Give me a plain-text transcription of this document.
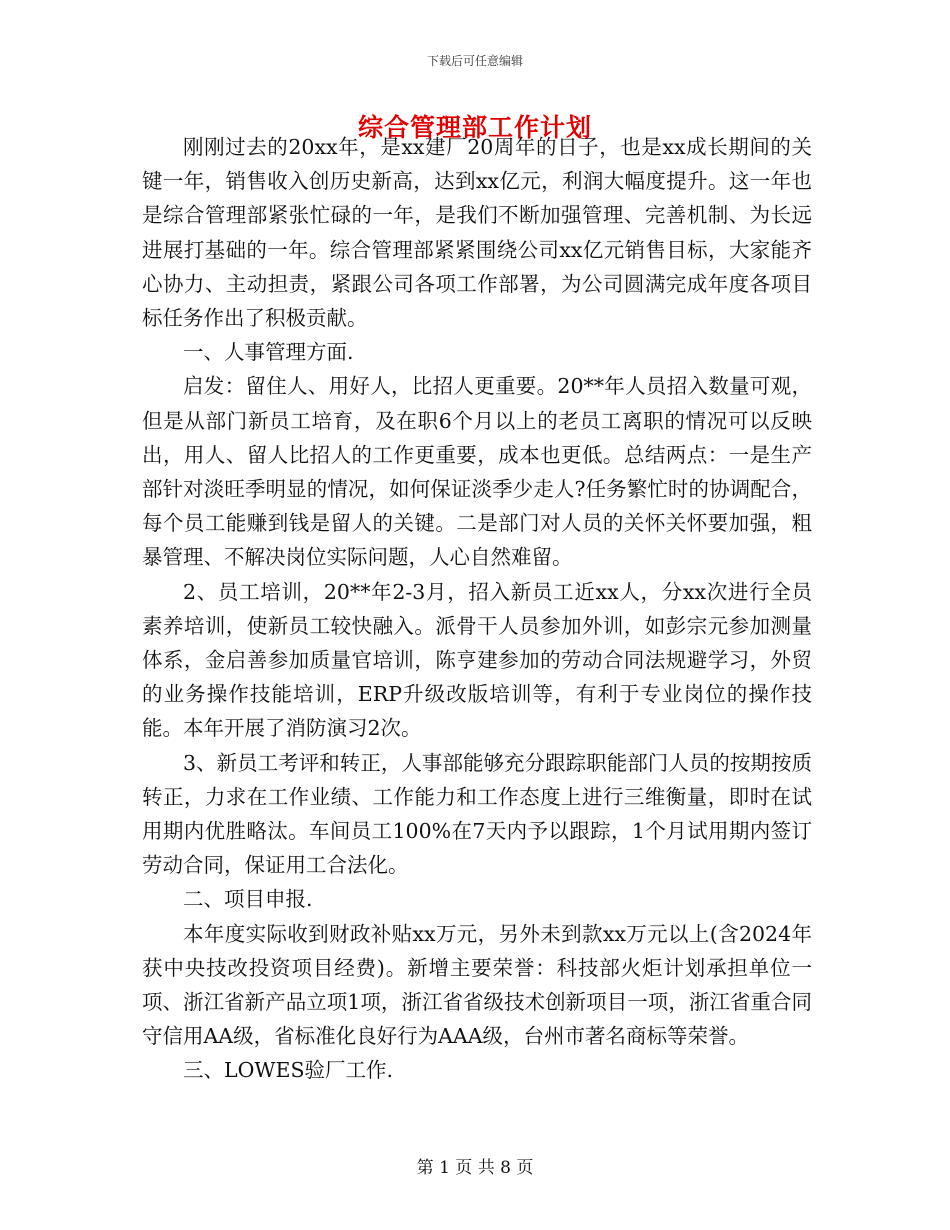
下载后可任意编辑
综合管理部工作计划

刚刚过去的20xx年，是xx建厂20周年的日子，也是xx成长期间的关键一年，销售收入创历史新高，达到xx亿元，利润大幅度提升。这一年也是综合管理部紧张忙碌的一年，是我们不断加强管理、完善机制、为长远进展打基础的一年。综合管理部紧紧围绕公司xx亿元销售目标，大家能齐心协力、主动担责，紧跟公司各项工作部署，为公司圆满完成年度各项目标任务作出了积极贡献。

一、人事管理方面.

启发：留住人、用好人，比招人更重要。20**年人员招入数量可观，但是从部门新员工培育，及在职6个月以上的老员工离职的情况可以反映出，用人、留人比招人的工作更重要，成本也更低。总结两点：一是生产部针对淡旺季明显的情况，如何保证淡季少走人?任务繁忙时的协调配合，每个员工能赚到钱是留人的关键。二是部门对人员的关怀关怀要加强，粗暴管理、不解决岗位实际问题，人心自然难留。

2、员工培训，20**年2-3月，招入新员工近xx人，分xx次进行全员素养培训，使新员工较快融入。派骨干人员参加外训，如彭宗元参加测量体系，金启善参加质量官培训，陈亨建参加的劳动合同法规避学习，外贸的业务操作技能培训，ERP升级改版培训等，有利于专业岗位的操作技能。本年开展了消防演习2次。

3、新员工考评和转正，人事部能够充分跟踪职能部门人员的按期按质转正，力求在工作业绩、工作能力和工作态度上进行三维衡量，即时在试用期内优胜略汰。车间员工100%在7天内予以跟踪，1个月试用期内签订劳动合同，保证用工合法化。

二、项目申报.

本年度实际收到财政补贴xx万元，另外未到款xx万元以上(含2024年获中央技改投资项目经费)。新增主要荣誉：科技部火炬计划承担单位一项、浙江省新产品立项1项，浙江省省级技术创新项目一项，浙江省重合同守信用AA级，省标准化良好行为AAA级，台州市著名商标等荣誉。

三、LOWES验厂工作.

第 1 页 共 8 页
